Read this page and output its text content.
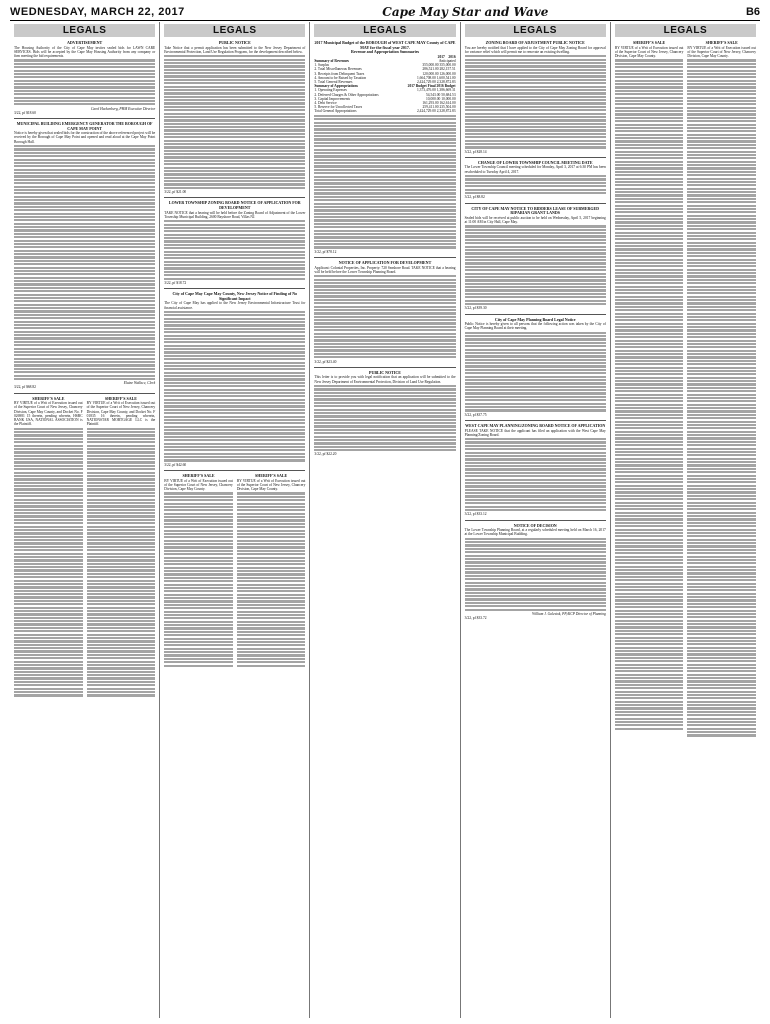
WEDNESDAY, MARCH 22, 2017	Cape May Star and Wave	B6
LEGALS
ADVERTISEMENT
The Housing Authority of the City of Cape May invites sealed bids for LAWN CARE SERVICES. Bids will be accepted by the Cape May Housing Authority from any company or firm meeting the bid requirements.
Carol Hackenberg, PHM Executive Director
3/22, pf $18.60
MUNICIPAL BUILDING EMERGENCY GENERATOR THE BOROUGH OF CAPE MAY POINT
Notice is hereby given that sealed bids for the construction of the above referenced project will be received by the Borough of Cape May Point and opened and read aloud at the Cape May Point Borough Hall.
Elaine Wallace, Clerk
3/22, pf $68.82
SHERIFF'S SALE
BY VIRTUE of a Writ of Execution issued out of the Superior Court of New Jersey, Chancery Division, Cape May County, and Docket No. F 026981 15 therein, pending wherein, HSBC BANK USA, NATIONAL ASSOCIATION is the Plaintiff.
SHERIFF'S SALE
BY VIRTUE of a Writ of Execution issued out of the Superior Court of New Jersey, Chancery Division, Cape May County, and Docket No. F 01835 16 therein, pending wherein, NATIONSTAR MORTGAGE LLC is the Plaintiff.
LEGALS
PUBLIC NOTICE
Take Notice that a permit application has been submitted to the New Jersey Department of Environmental Protection, Land Use Regulation Program, for the development described below.
3/22, pf $21.00
LOWER TOWNSHIP ZONING BOARD NOTICE OF APPLICATION FOR DEVELOPMENT
TAKE NOTICE that a hearing will be held before the Zoning Board of Adjustment of the Lower Township Municipal Building, 2600 Bayshore Road, Villas NJ.
3/22, pf $18.72
City of Cape May Cape May County, New Jersey Notice of Finding of No Significant Impact
The City of Cape May has applied to the New Jersey Environmental Infrastructure Trust for financial assistance.
3/22, pf $42.60
SHERIFF'S SALE
BY VIRTUE of a Writ of Execution issued out of the Superior Court of New Jersey, Chancery Division, Cape May County.
SHERIFF'S SALE
BY VIRTUE of a Writ of Execution issued out of the Superior Court of New Jersey, Chancery Division, Cape May County.
LEGALS
2017 Municipal Budget of the BOROUGH of WEST CAPE MAY County of CAPE MAY for the fiscal year 2017.
Revenue and Appropriation Summaries
2017 2016
Summary of Revenues	Anticipated
1. Surplus	355,000.00 355,000.00
2. Total Miscellaneous Revenues	286,521.00 282,157.51
3. Receipts from Delinquent Taxes	120,000.00 126,000.00
4. Amount to be Raised by Taxation	1,664,708.00 1,600,541.00
5. Total General Revenues	2,424,729.00 2,328,872.83
Summary of Appropriations	2017 Budget Final 2016 Budget
1. Operating Expenses	1,373,476.00 1,386,669.31
2. Deferred Charges & Other Appropriations	54,543.00 50,684.53
3. Capital Improvements	10,000.00 10,000.00
4. Debt Service	161,293.00 162,614.00
5. Reserve for Uncollected Taxes	259,411.00 235,504.00
Total General Appropriations	2,424,729.00 2,328,872.83
3/22, pf $78.12
NOTICE OF APPLICATION FOR DEVELOPMENT
Applicant: Colonial Properties, Inc. Property: 720 Seashore Road. TAKE NOTICE that a hearing will be held before the Lower Township Planning Board.
3/22, pf $23.40
PUBLIC NOTICE
This letter is to provide you with legal notification that an application will be submitted to the New Jersey Department of Environmental Protection, Division of Land Use Regulation.
3/22, pf $22.20
LEGALS
ZONING BOARD OF ADJUSTMENT PUBLIC NOTICE
You are hereby notified that I have applied to the City of Cape May Zoning Board for approval for variance relief which will permit me to renovate an existing dwelling.
3/22, pf $28.14
CHANGE OF LOWER TOWNSHIP COUNCIL MEETING DATE
The Lower Township Council meeting scheduled for Monday, April 3, 2017 at 6:30 PM has been rescheduled to Tuesday April 4, 2017.
3/22, pf $8.82
CITY OF CAPE MAY NOTICE TO BIDDERS LEASE OF SUBMERGED RIPARIAN GRANT LANDS
Sealed bids will be received at public auction to be held on Wednesday, April 5, 2017 beginning at 11:00 AM in City Hall, Cape May.
3/22, pf $39.30
City of Cape May Planning Board Legal Notice
Public Notice is hereby given to all persons that the following action was taken by the City of Cape May Planning Board at their meeting.
3/22, pf $37.75
WEST CAPE MAY PLANNING/ZONING BOARD NOTICE OF APPLICATION
PLEASE TAKE NOTICE that the applicant has filed an application with the West Cape May Planning/Zoning Board.
3/22, pf $33.12
NOTICE OF DECISION
The Lower Township Planning Board, at a regularly scheduled meeting held on March 16, 2017 at the Lower Township Municipal Building.
William J. Galestok, PP,AICP Director of Planning
3/22, pf $33.72
LEGALS
SHERIFF'S SALE
BY VIRTUE of a Writ of Execution issued out of the Superior Court of New Jersey, Chancery Division, Cape May County.
SHERIFF'S SALE
BY VIRTUE of a Writ of Execution issued out of the Superior Court of New Jersey, Chancery Division, Cape May County.
